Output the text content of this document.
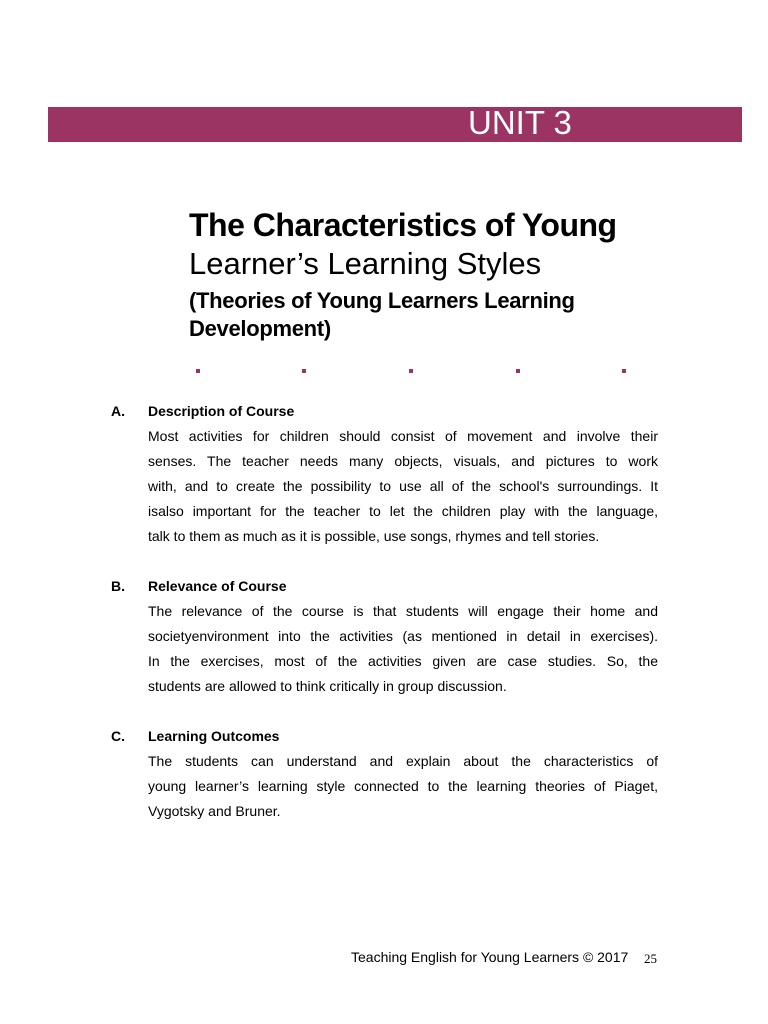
UNIT 3
The Characteristics of Young
Learner’s Learning Styles
(Theories of Young Learners Learning
Development)
A. Description of Course
Most activities for children should consist of movement and involve their
senses. The teacher needs many objects, visuals, and pictures to work
with, and to create the possibility to use all of the school's surroundings. It
isalso important for the teacher to let the children play with the language,
talk to them as much as it is possible, use songs, rhymes and tell stories.
B. Relevance of Course
The relevance of the course is that students will engage their home and
societyenvironment into the activities (as mentioned in detail in exercises).
In the exercises, most of the activities given are case studies. So, the
students are allowed to think critically in group discussion.
C. Learning Outcomes
The students can understand and explain about the characteristics of
young learner’s learning style connected to the learning theories of Piaget,
Vygotsky and Bruner.
Teaching English for Young Learners © 2017 25
